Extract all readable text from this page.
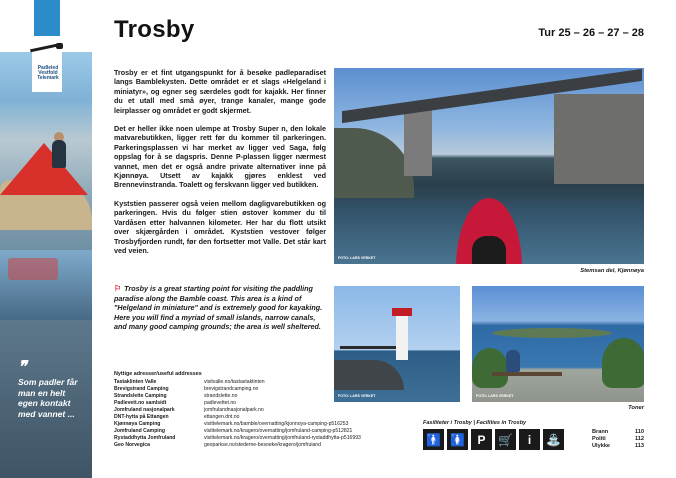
Padleled Vestfold Telemark
❞
Som padler får man en helt egen kontakt med vannet ...
Trosby	Tur 25 – 26 – 27 – 28

Trosby er et fint utgangspunkt for å besøke padleparadiset langs Bamblekysten. Dette området er et slags «Helgeland i miniatyr», og egner seg særdeles godt for kajakk. Her finner du et utall med små øyer, trange kanaler, mange gode leirplasser og området er godt skjermet.

Det er heller ikke noen ulempe at Trosby Super n, den lokale matvarebutikken, ligger rett før du kommer til parkeringen. Parkeringsplassen vi har merket av ligger ved Saga, følg oppslag for å se dagspris. Denne P-plassen ligger nærmest vannet, men det er også andre private alternativer inne på Kjønnøya. Utsett av kajakk gjøres enklest ved Brennevinstranda. Toalett og ferskvann ligger ved butikken.

Kyststien passerer også veien mellom dagligvarebutikken og parkeringen. Hvis du følger stien østover kommer du til Vardåsen etter halvannen kilometer. Her har du flott utsikt over skjærgården i området. Kyststien vestover følger Trosbyfjorden rundt, før den fortsetter mot Valle. Det står kart ved veien.

⚐ Trosby is a great starting point for visiting the paddling paradise along the Bamble coast. This area is a kind of "Helgeland in miniature" and is extremely good for kayaking. Here you will find a myriad of small islands, narrow canals, and many good camping grounds; the area is well sheltered.
Nyttige adresser/useful addresses
Tastaklinten Valle	visitvalle.no/tastastaktinten
Brevigstrand Camping	brevigstrandcamping.no
Strandslette Camping	strandslette.no
Padlevett.no samlsidt	padlevettet.no
Jomfruland nasjonalpark	jomfrulandnasjonalpark.no
DNT-hytta på Ettangen	ettangen.dnt.no
Kjønnøya Camping	visittelemark.no/bamble/overnatting/kjonnoya-camping-p516253
Jomfruland Camping	visittelemark.no/kragero/overnatting/jomfruland-camping-p512821
Rystaddhytta Jomfruland	visittelemark.no/kragero/overnatting/jomfruland-rystaddhytta-p516993
Geo Norvegica	geoparkse.no/stederne-besoeke/kragero/jomfruland
FOTO: LARS VERKET
Stemsan del, Kjønnøya
FOTO: LARS VERKET	FOTO: LARS VERKET
Toner
Fasiliteter i Trosby | Facilities in Trosby
🚹 🚺	P	🛒	i	⛲
Brann	110
Politi	112
Ulykke	113
